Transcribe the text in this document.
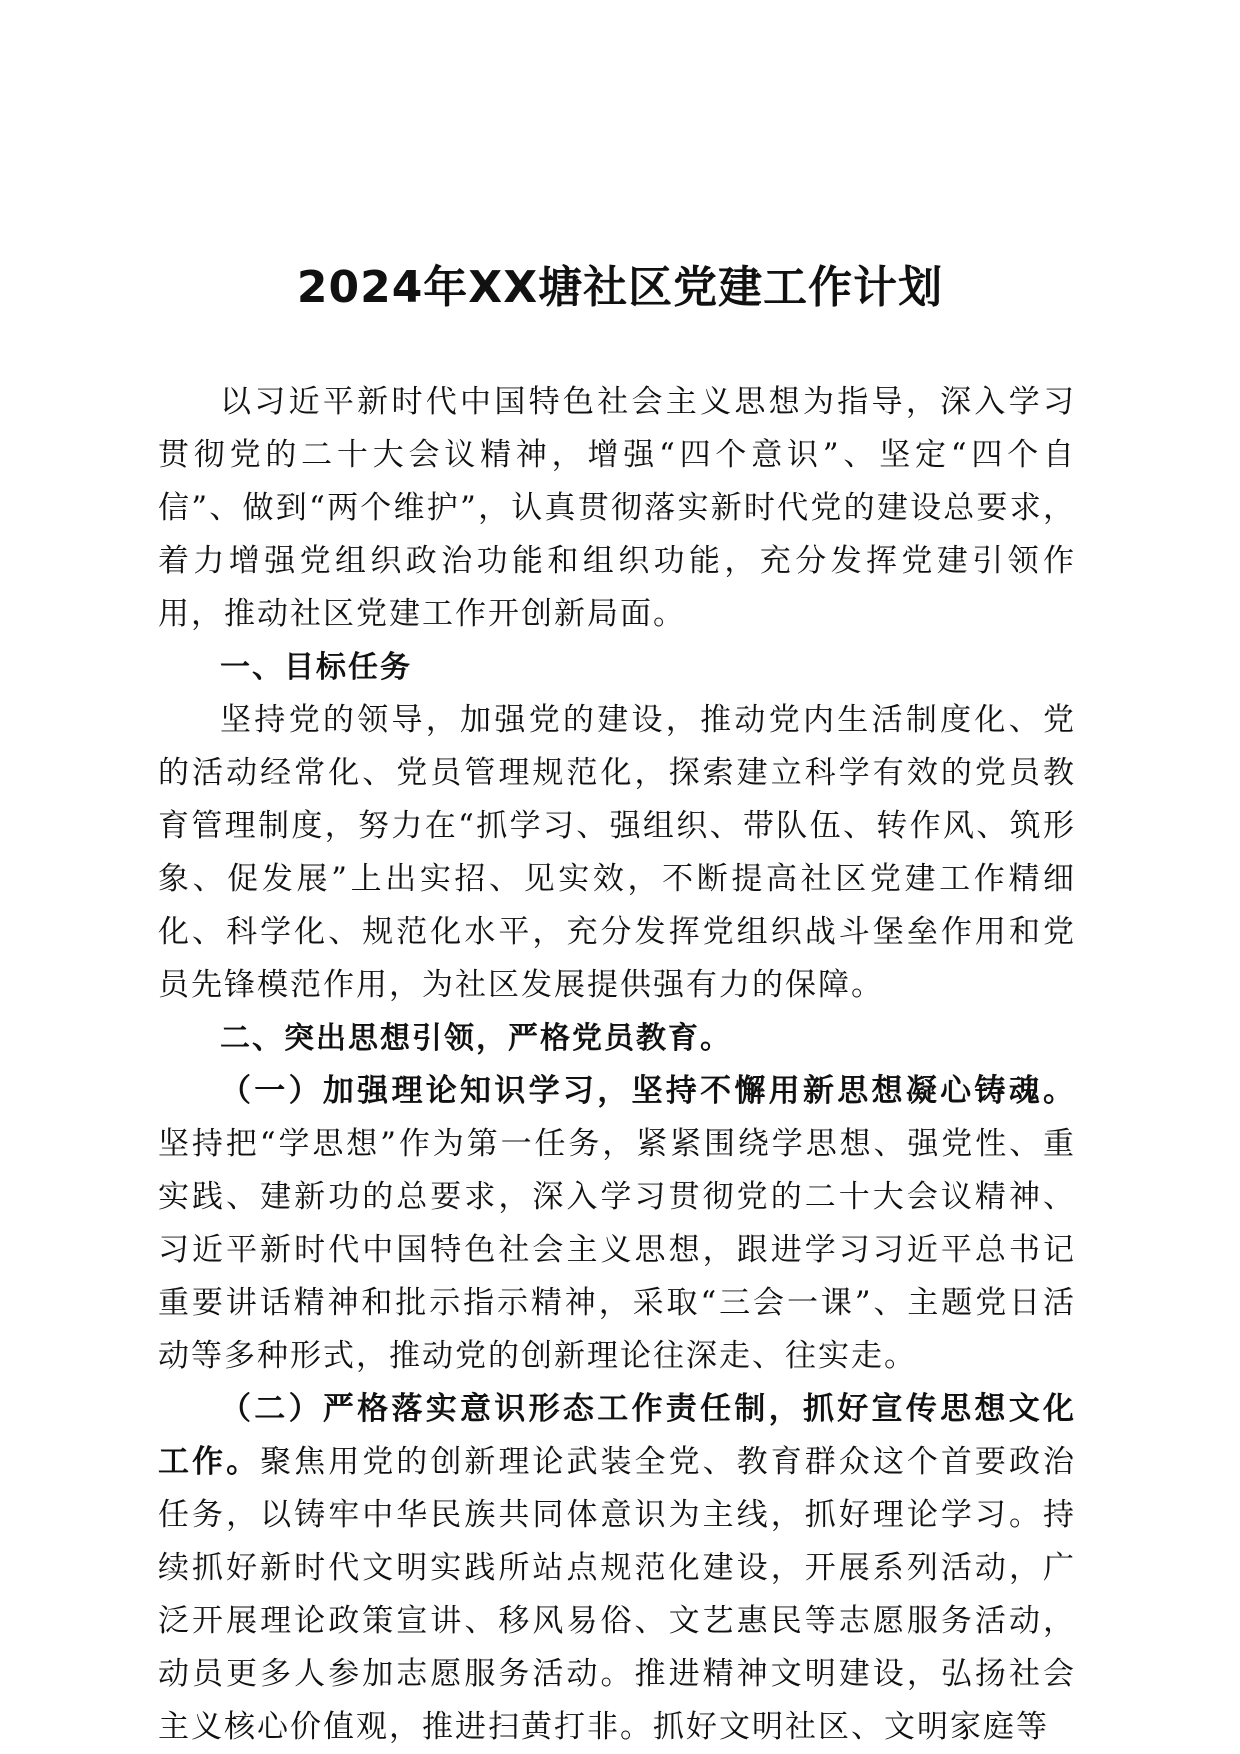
2024年XX塘社区党建工作计划

以习近平新时代中国特色社会主义思想为指导，深入学习贯彻党的二十大会议精神，增强“四个意识”、坚定“四个自信”、做到“两个维护”，认真贯彻落实新时代党的建设总要求，着力增强党组织政治功能和组织功能，充分发挥党建引领作用，推动社区党建工作开创新局面。

一、目标任务

坚持党的领导，加强党的建设，推动党内生活制度化、党的活动经常化、党员管理规范化，探索建立科学有效的党员教育管理制度，努力在“抓学习、强组织、带队伍、转作风、筑形象、促发展”上出实招、见实效，不断提高社区党建工作精细化、科学化、规范化水平，充分发挥党组织战斗堡垒作用和党员先锋模范作用，为社区发展提供强有力的保障。

二、突出思想引领，严格党员教育。

（一）加强理论知识学习，坚持不懈用新思想凝心铸魂。坚持把“学思想”作为第一任务，紧紧围绕学思想、强党性、重实践、建新功的总要求，深入学习贯彻党的二十大会议精神、习近平新时代中国特色社会主义思想，跟进学习习近平总书记重要讲话精神和批示指示精神，采取“三会一课”、主题党日活动等多种形式，推动党的创新理论往深走、往实走。

（二）严格落实意识形态工作责任制，抓好宣传思想文化工作。聚焦用党的创新理论武装全党、教育群众这个首要政治任务，以铸牢中华民族共同体意识为主线，抓好理论学习。持续抓好新时代文明实践所站点规范化建设，开展系列活动，广泛开展理论政策宣讲、移风易俗、文艺惠民等志愿服务活动，动员更多人参加志愿服务活动。推进精神文明建设，弘扬社会主义核心价值观，推进扫黄打非。抓好文明社区、文明家庭等
